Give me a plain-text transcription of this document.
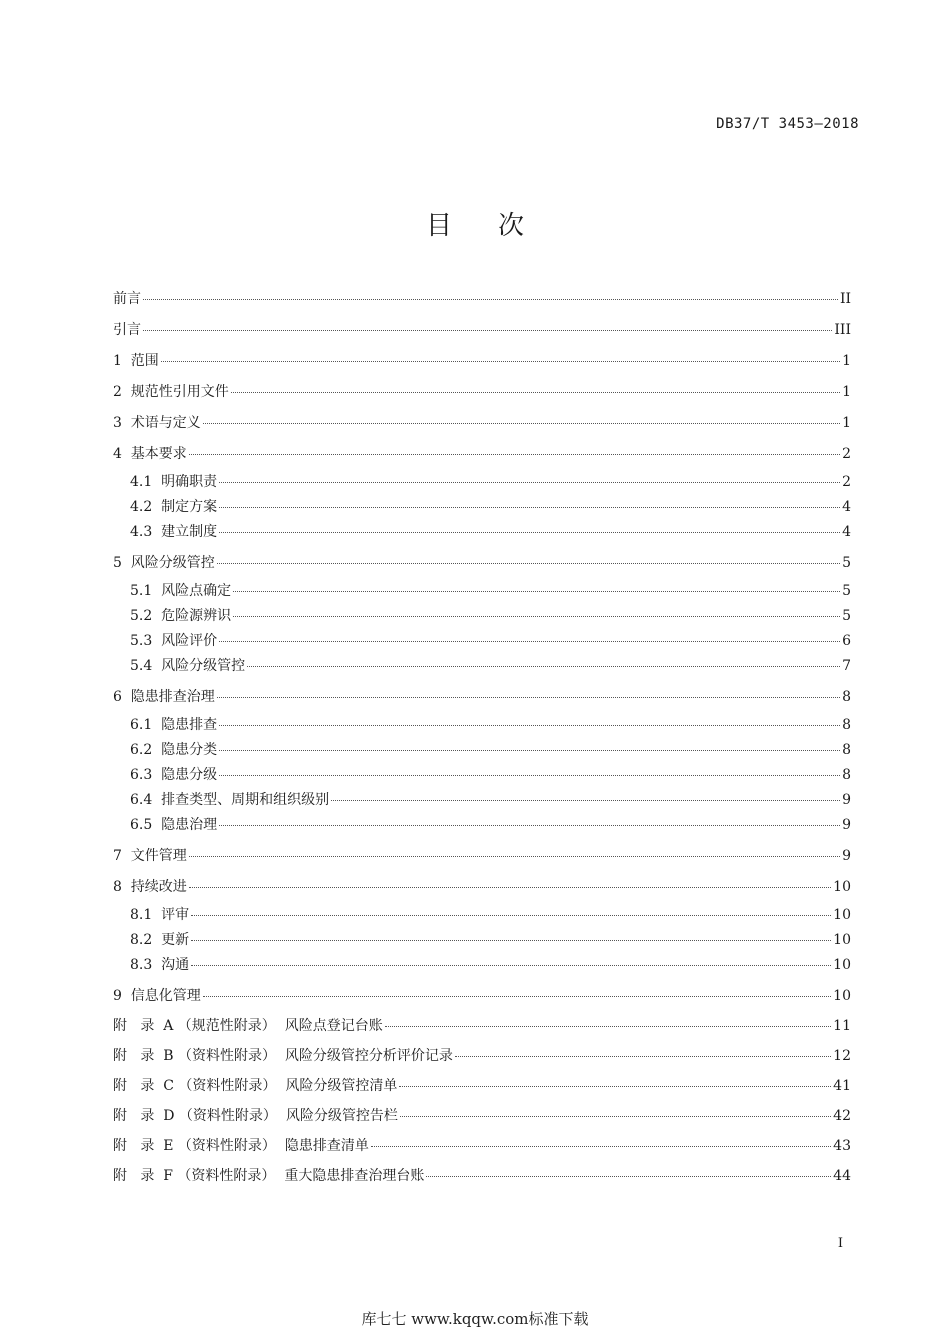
DB37/T 3453—2018
目次
前言	II
引言	III
1  范围	1
2  规范性引用文件	1
3  术语与定义	1
4  基本要求	2
4.1  明确职责	2
4.2  制定方案	4
4.3  建立制度	4
5  风险分级管控	5
5.1  风险点确定	5
5.2  危险源辨识	5
5.3  风险评价	6
5.4  风险分级管控	7
6  隐患排查治理	8
6.1  隐患排查	8
6.2  隐患分类	8
6.3  隐患分级	8
6.4  排查类型、周期和组织级别	9
6.5  隐患治理	9
7  文件管理	9
8  持续改进	10
8.1  评审	10
8.2  更新	10
8.3  沟通	10
9  信息化管理	10
附   录  A （规范性附录）  风险点登记台账	11
附   录  B （资料性附录）  风险分级管控分析评价记录	12
附   录  C （资料性附录）  风险分级管控清单	41
附   录  D （资料性附录）  风险分级管控告栏	42
附   录  E （资料性附录）  隐患排查清单	43
附   录  F （资料性附录）  重大隐患排查治理台账	44
I
库七七 www.kqqw.com标准下载
